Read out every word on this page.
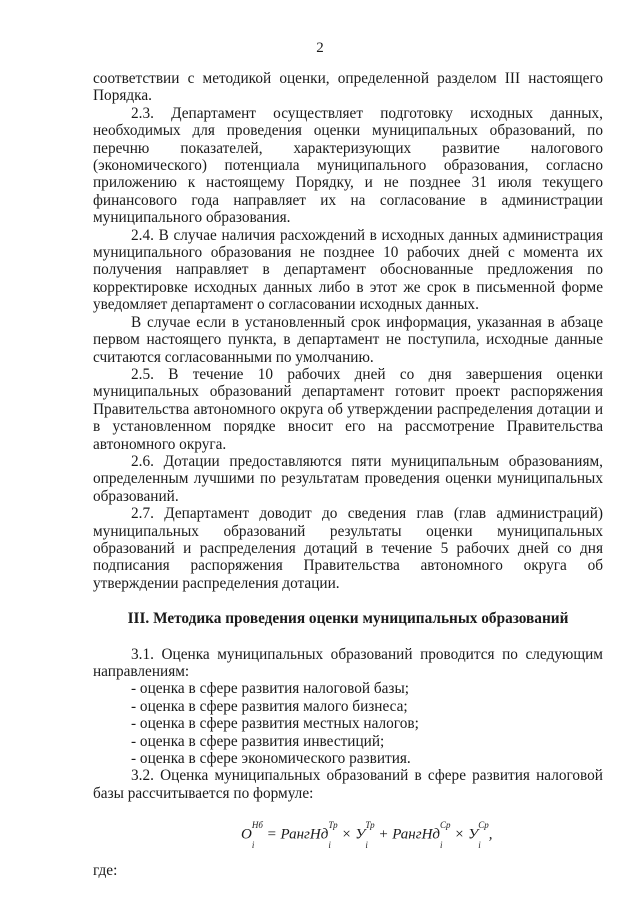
2

соответствии с методикой оценки, определенной разделом III настоящего Порядка.

2.3. Департамент осуществляет подготовку исходных данных, необходимых для проведения оценки муниципальных образований, по перечню показателей, характеризующих развитие налогового (экономического) потенциала муниципального образования, согласно приложению к настоящему Порядку, и не позднее 31 июля текущего финансового года направляет их на согласование в администрации муниципального образования.

2.4. В случае наличия расхождений в исходных данных администрация муниципального образования не позднее 10 рабочих дней с момента их получения направляет в департамент обоснованные предложения по корректировке исходных данных либо в этот же срок в письменной форме уведомляет департамент о согласовании исходных данных.

В случае если в установленный срок информация, указанная в абзаце первом настоящего пункта, в департамент не поступила, исходные данные считаются согласованными по умолчанию.

2.5. В течение 10 рабочих дней со дня завершения оценки муниципальных образований департамент готовит проект распоряжения Правительства автономного округа об утверждении распределения дотации и в установленном порядке вносит его на рассмотрение Правительства автономного округа.

2.6. Дотации предоставляются пяти муниципальным образованиям, определенным лучшими по результатам проведения оценки муниципальных образований.

2.7. Департамент доводит до сведения глав (глав администраций) муниципальных образований результаты оценки муниципальных образований и распределения дотаций в течение 5 рабочих дней со дня подписания распоряжения Правительства автономного округа об утверждении распределения дотации.

III. Методика проведения оценки муниципальных образований

3.1. Оценка муниципальных образований проводится по следующим направлениям:

- оценка в сфере развития налоговой базы;

- оценка в сфере развития малого бизнеса;

- оценка в сфере развития местных налогов;

- оценка в сфере развития инвестиций;

- оценка в сфере экономического развития.

3.2. Оценка муниципальных образований в сфере развития налоговой базы рассчитывается по формуле:

$O^{Нб}$
$_i$ = РангНд$^{Тр}$
$_i \times У^{Тр}$
$_i$ + РангНд$^{Ср}$
$_i \times У^{Ср}$
$_i$,

где:
